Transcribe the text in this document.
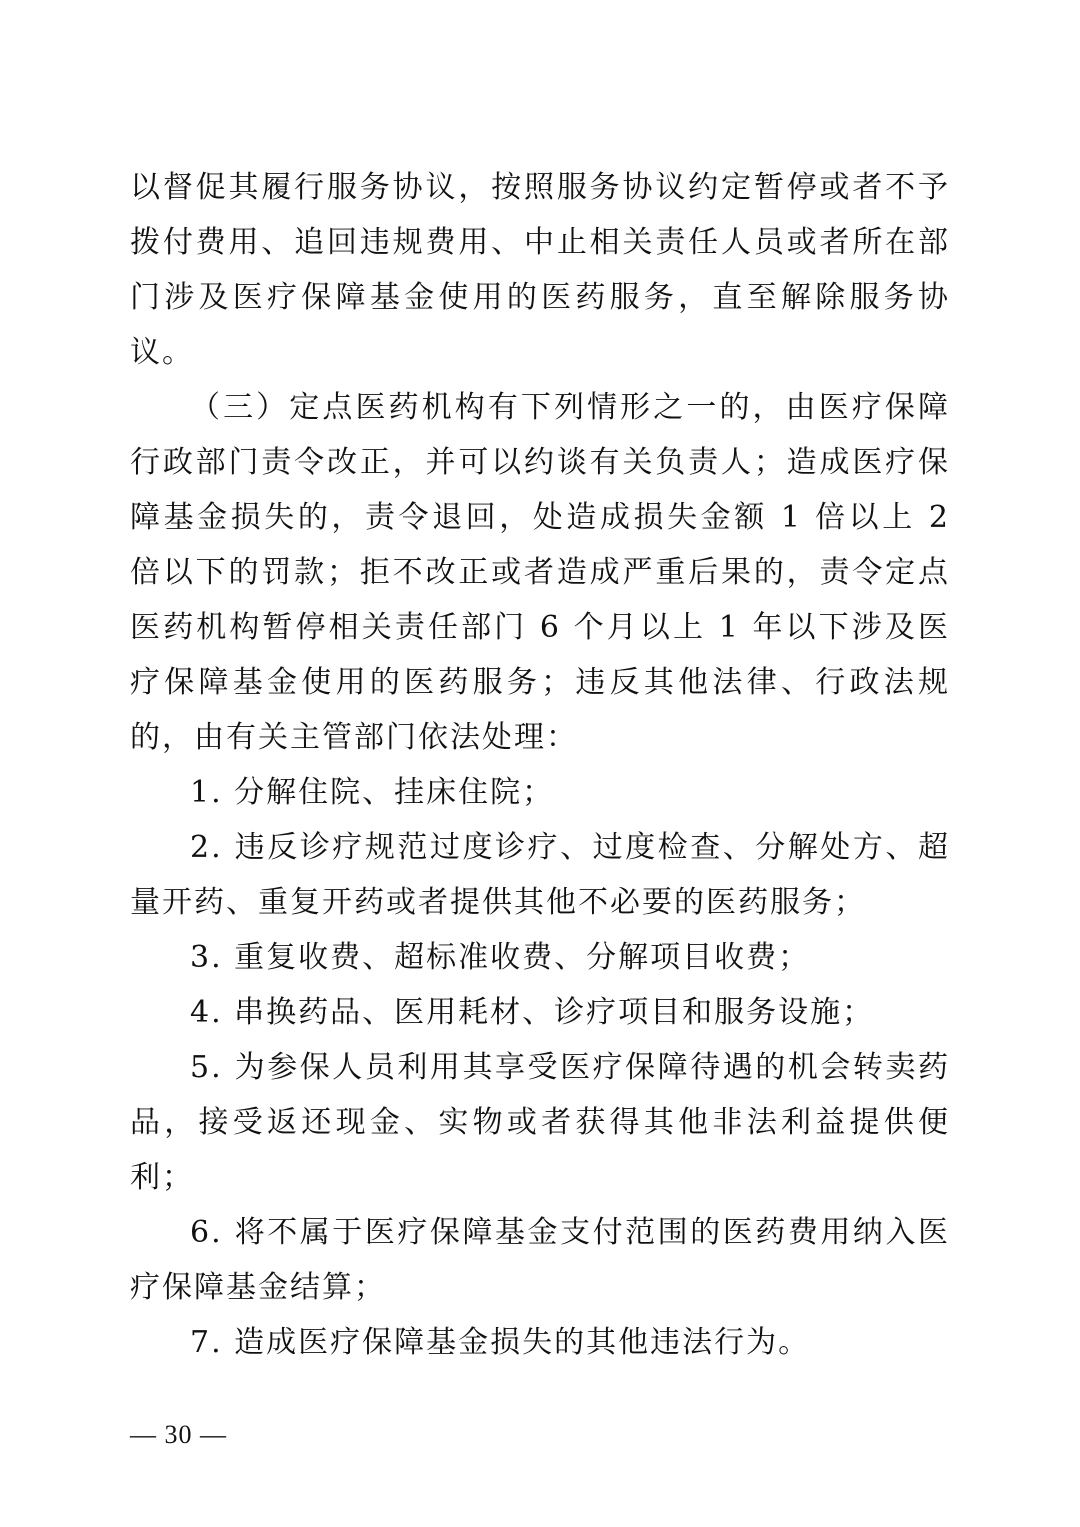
以督促其履行服务协议，按照服务协议约定暂停或者不予拨付费用、追回违规费用、中止相关责任人员或者所在部门涉及医疗保障基金使用的医药服务，直至解除服务协议。

（三）定点医药机构有下列情形之一的，由医疗保障行政部门责令改正，并可以约谈有关负责人；造成医疗保障基金损失的，责令退回，处造成损失金额 1 倍以上 2 倍以下的罚款；拒不改正或者造成严重后果的，责令定点医药机构暂停相关责任部门 6 个月以上 1 年以下涉及医疗保障基金使用的医药服务；违反其他法律、行政法规的，由有关主管部门依法处理：

1. 分解住院、挂床住院；

2. 违反诊疗规范过度诊疗、过度检查、分解处方、超量开药、重复开药或者提供其他不必要的医药服务；

3. 重复收费、超标准收费、分解项目收费；

4. 串换药品、医用耗材、诊疗项目和服务设施；

5. 为参保人员利用其享受医疗保障待遇的机会转卖药品，接受返还现金、实物或者获得其他非法利益提供便利；

6. 将不属于医疗保障基金支付范围的医药费用纳入医疗保障基金结算；

7. 造成医疗保障基金损失的其他违法行为。

— 30 —
